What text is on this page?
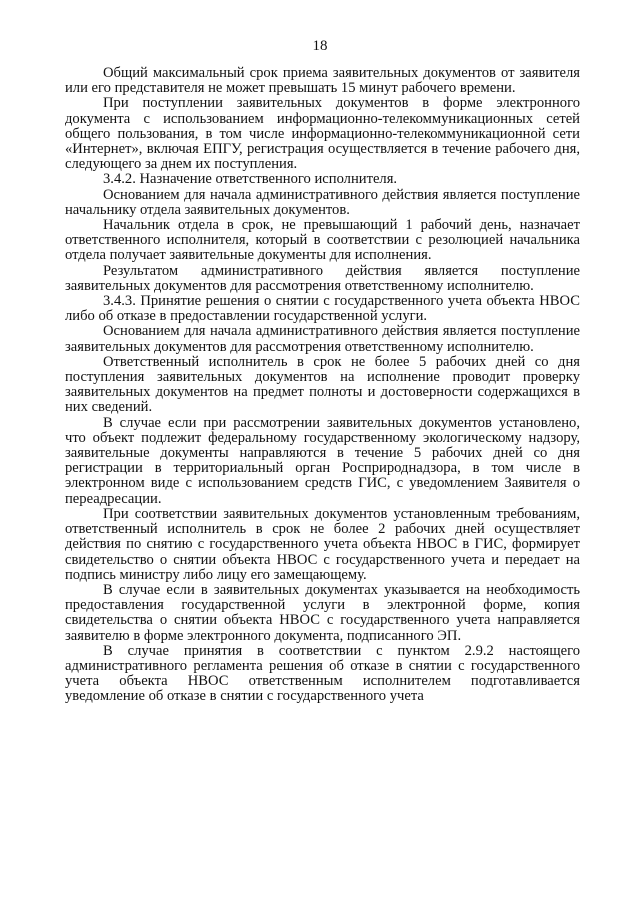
18

Общий максимальный срок приема заявительных документов от заявителя или его представителя не может превышать 15 минут рабочего времени.

При поступлении заявительных документов в форме электронного документа с использованием информационно-телекоммуникационных сетей общего пользования, в том числе информационно-телекоммуникационной сети «Интернет», включая ЕПГУ, регистрация осуществляется в течение рабочего дня, следующего за днем их поступления.

3.4.2. Назначение ответственного исполнителя.

Основанием для начала административного действия является поступление начальнику отдела заявительных документов.

Начальник отдела в срок, не превышающий 1 рабочий день, назначает ответственного исполнителя, который в соответствии с резолюцией начальника отдела получает заявительные документы для исполнения.

Результатом административного действия является поступление заявительных документов для рассмотрения ответственному исполнителю.

3.4.3. Принятие решения о снятии с государственного учета объекта НВОС либо об отказе в предоставлении государственной услуги.

Основанием для начала административного действия является поступление заявительных документов для рассмотрения ответственному исполнителю.

Ответственный исполнитель в срок не более 5 рабочих дней со дня поступления заявительных документов на исполнение проводит проверку заявительных документов на предмет полноты и достоверности содержащихся в них сведений.

В случае если при рассмотрении заявительных документов установлено, что объект подлежит федеральному государственному экологическому надзору, заявительные документы направляются в течение 5 рабочих дней со дня регистрации в территориальный орган Росприроднадзора, в том числе в электронном виде с использованием средств ГИС, с уведомлением Заявителя о переадресации.

При соответствии заявительных документов установленным требованиям, ответственный исполнитель в срок не более 2 рабочих дней осуществляет действия по снятию с государственного учета объекта НВОС в ГИС, формирует свидетельство о снятии объекта НВОС с государственного учета и передает на подпись министру либо лицу его замещающему.

В случае если в заявительных документах указывается на необходимость предоставления государственной услуги в электронной форме, копия свидетельства о снятии объекта НВОС с государственного учета направляется заявителю в форме электронного документа, подписанного ЭП.

В случае принятия в соответствии с пунктом 2.9.2 настоящего административного регламента решения об отказе в снятии с государственного учета объекта НВОС ответственным исполнителем подготавливается уведомление об отказе в снятии с государственного учета
